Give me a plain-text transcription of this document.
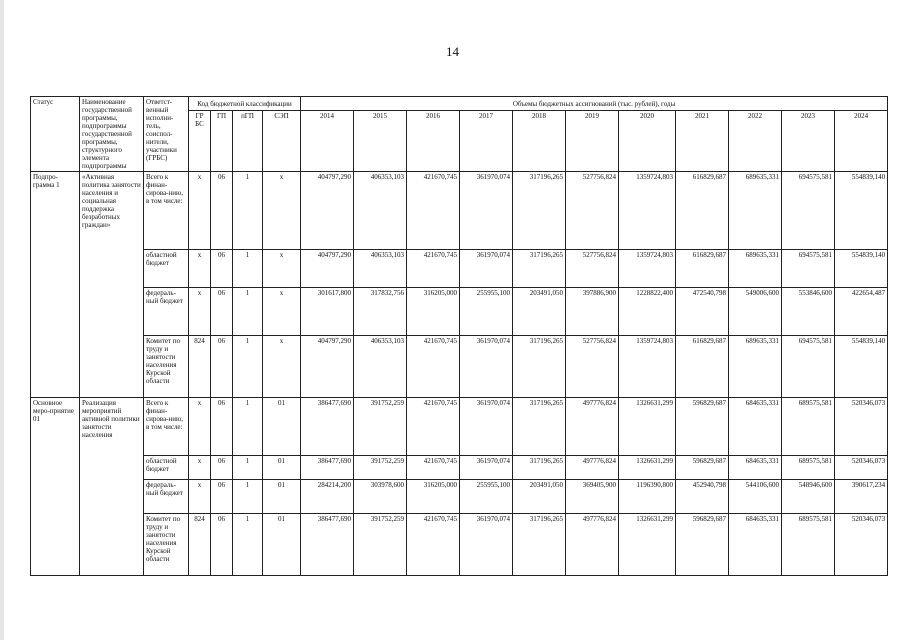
14
Статус	Наименование государственной программы, подпрограммы государственной программы, структурного элемента подпрограммы	Ответст-венный исполни-тель, соиспол-нители, участники (ГРБС)	Код бюджетной классификации				Объемы бюджетных ассигнований (тыс. рублей), годы										
			ГР БС	ГП	пГП	СЭП	2014	2015	2016	2017	2018	2019	2020	2021	2022	2023	2024
Подпро-грамма 1	«Активная политика занятости населения и социальная поддержка безработных граждан»	Всего к финан-сирова-нию, в том числе:	х	06	1	х	404797,290	406353,103	421670,745	361970,074	317196,265	527756,824	1359724,803	616829,687	689635,331	694575,581	554839,140
		областной бюджет	х	06	1	х	404797,290	406353,103	421670,745	361970,074	317196,265	527756,824	1359724,803	616829,687	689635,331	694575,581	554839,140
		федераль-ный бюджет	х	06	1	х	301617,800	317832,756	316205,000	255955,100	203491,050	397886,900	1228822,400	472540,798	549006,600	553846,600	422654,487
		Комитет по труду и занятости населения Курской области	824	06	1	х	404797,290	406353,103	421670,745	361970,074	317196,265	527756,824	1359724,803	616829,687	689635,331	694575,581	554839,140
Основное меро-приятие 01	Реализация мероприятий активной политики занятости населения	Всего к финан-сирова-нию, в том числе:	х	06	1	01	386477,690	391752,259	421670,745	361970,074	317196,265	497776,824	1326631,299	596829,687	684635,331	689575,581	520346,073
		областной бюджет	х	06	1	01	386477,690	391752,259	421670,745	361970,074	317196,265	497776,824	1326631,299	596829,687	684635,331	689575,581	520346,073
		федераль-ный бюджет	х	06	1	01	284214,200	303978,600	316205,000	255955,100	203491,050	369405,900	1196390,800	452940,798	544106,600	548946,600	390617,234
		Комитет по труду и занятости населения Курской области	824	06	1	01	386477,690	391752,259	421670,745	361970,074	317196,265	497776,824	1326631,299	596829,687	684635,331	689575,581	520346,073
